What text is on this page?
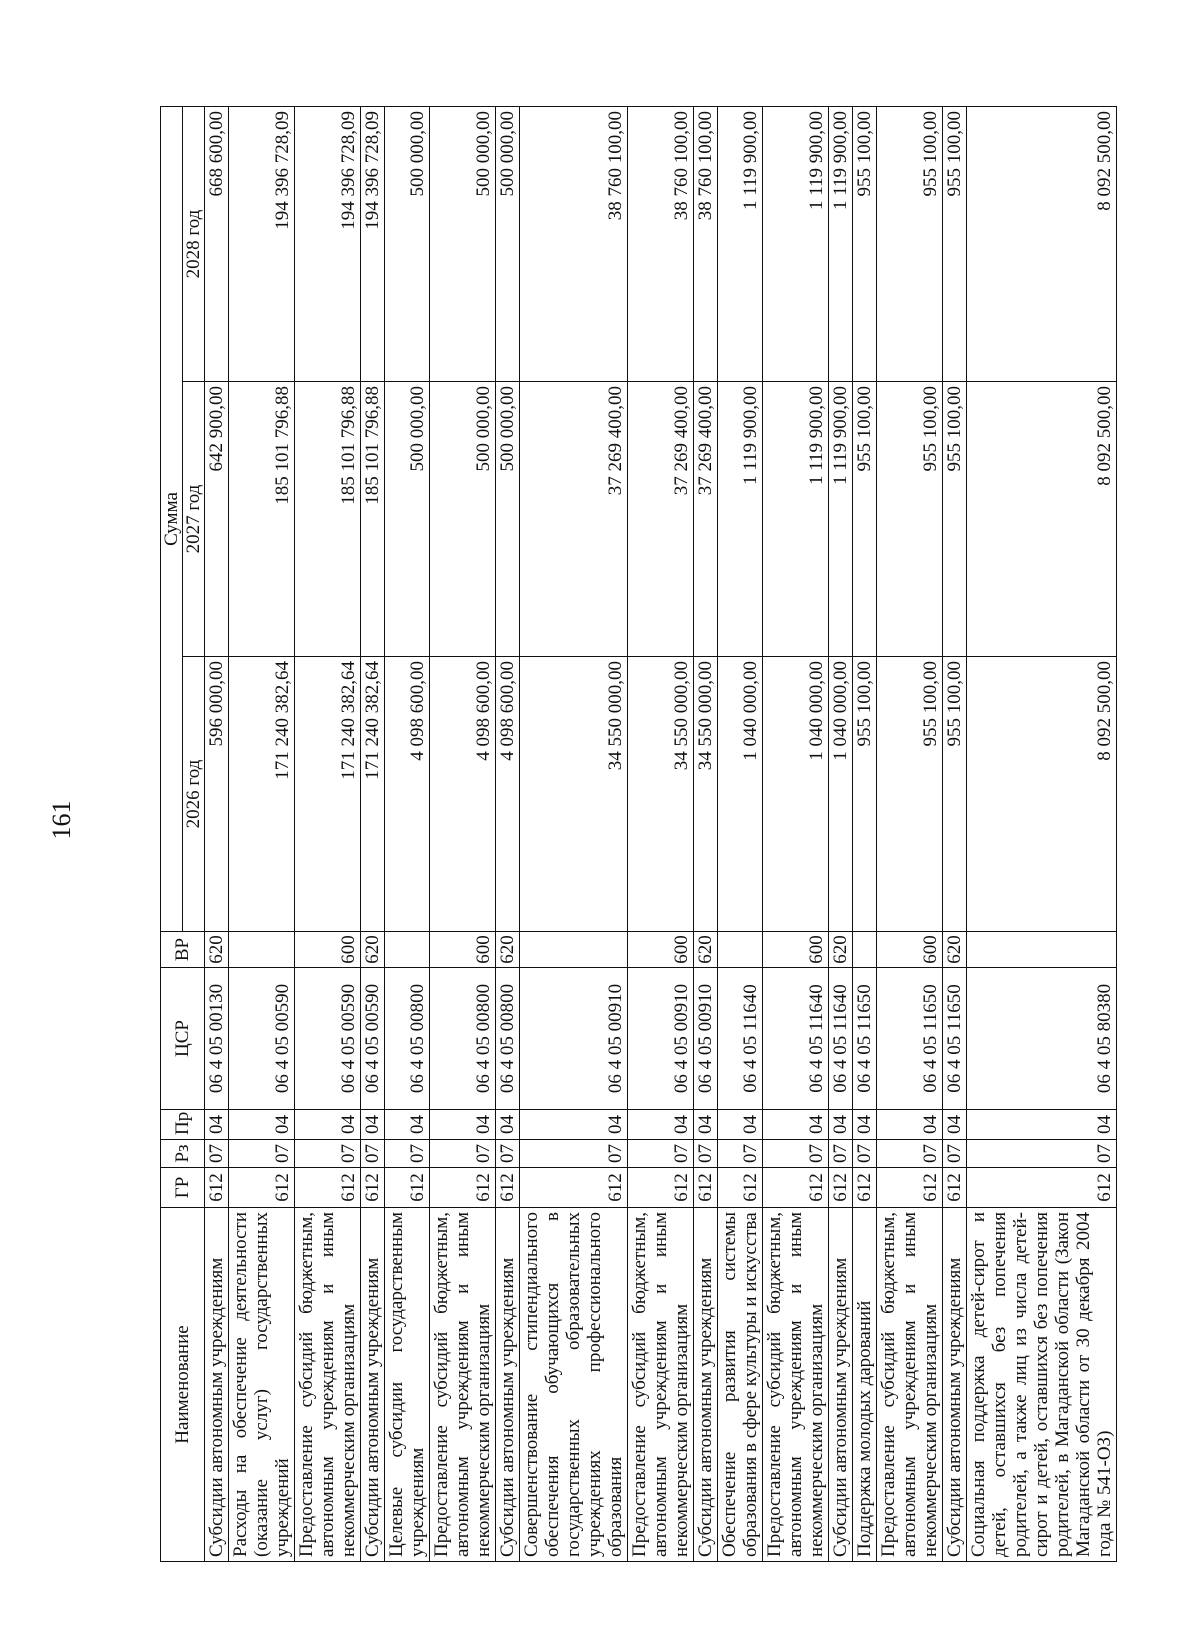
161
Наименование	ГР	Рз	Пр	ЦСР	ВР	Сумма		
						2026 год	2027 год	2028 год
Субсидии автономным учреждениям	612	07	04	06 4 05 00130	620	596 000,00	642 900,00	668 600,00
Расходы на обеспечение деятельности (оказание услуг) государственных учреждений	612	07	04	06 4 05 00590		171 240 382,64	185 101 796,88	194 396 728,09
Предоставление субсидий бюджетным, автономным учреждениям и иным некоммерческим организациям	612	07	04	06 4 05 00590	600	171 240 382,64	185 101 796,88	194 396 728,09
Субсидии автономным учреждениям	612	07	04	06 4 05 00590	620	171 240 382,64	185 101 796,88	194 396 728,09
Целевые субсидии государственным учреждениям	612	07	04	06 4 05 00800		4 098 600,00	500 000,00	500 000,00
Предоставление субсидий бюджетным, автономным учреждениям и иным некоммерческим организациям	612	07	04	06 4 05 00800	600	4 098 600,00	500 000,00	500 000,00
Субсидии автономным учреждениям	612	07	04	06 4 05 00800	620	4 098 600,00	500 000,00	500 000,00
Совершенствование стипендиального обеспечения обучающихся в государственных образовательных учреждениях профессионального образования	612	07	04	06 4 05 00910		34 550 000,00	37 269 400,00	38 760 100,00
Предоставление субсидий бюджетным, автономным учреждениям и иным некоммерческим организациям	612	07	04	06 4 05 00910	600	34 550 000,00	37 269 400,00	38 760 100,00
Субсидии автономным учреждениям	612	07	04	06 4 05 00910	620	34 550 000,00	37 269 400,00	38 760 100,00
Обеспечение развития системы образования в сфере культуры и искусства	612	07	04	06 4 05 11640		1 040 000,00	1 119 900,00	1 119 900,00
Предоставление субсидий бюджетным, автономным учреждениям и иным некоммерческим организациям	612	07	04	06 4 05 11640	600	1 040 000,00	1 119 900,00	1 119 900,00
Субсидии автономным учреждениям	612	07	04	06 4 05 11640	620	1 040 000,00	1 119 900,00	1 119 900,00
Поддержка молодых дарований	612	07	04	06 4 05 11650		955 100,00	955 100,00	955 100,00
Предоставление субсидий бюджетным, автономным учреждениям и иным некоммерческим организациям	612	07	04	06 4 05 11650	600	955 100,00	955 100,00	955 100,00
Субсидии автономным учреждениям	612	07	04	06 4 05 11650	620	955 100,00	955 100,00	955 100,00
Социальная поддержка детей-сирот и детей, оставшихся без попечения родителей, а также лиц из числа детей-сирот и детей, оставшихся без попечения родителей, в Магаданской области (Закон Магаданской области от 30 декабря 2004 года № 541-ОЗ)	612	07	04	06 4 05 80380		8 092 500,00	8 092 500,00	8 092 500,00
